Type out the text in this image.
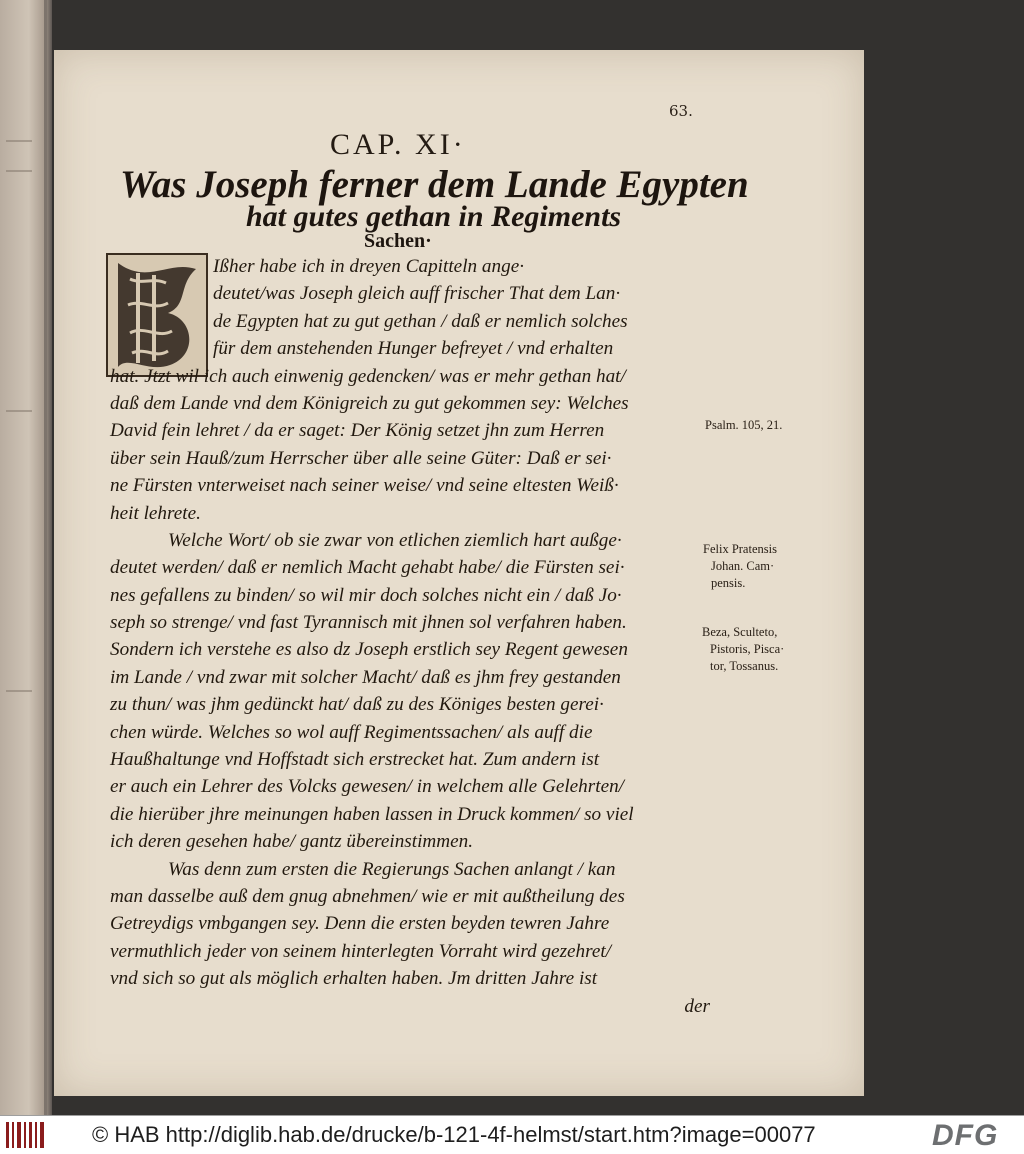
63.
CAP. XI·
Was Joseph ferner dem Lande Egypten
hat gutes gethan in Regiments
Sachen·
Ißher habe ich in dreyen Capitteln ange·
deutet/was Joseph gleich auff frischer That dem Lan·
de Egypten hat zu gut gethan / daß er nemlich solches
für dem anstehenden Hunger befreyet / vnd erhalten
hat. Jtzt wil ich auch einwenig gedencken/ was er mehr gethan hat/
daß dem Lande vnd dem Königreich zu gut gekommen sey: Welches
David fein lehret / da er saget: Der König setzet jhn zum Herren
über sein Hauß/zum Herrscher über alle seine Güter: Daß er sei·
ne Fürsten vnterweiset nach seiner weise/ vnd seine eltesten Weiß·
heit lehrete.
Welche Wort/ ob sie zwar von etlichen ziemlich hart außge·
deutet werden/ daß er nemlich Macht gehabt habe/ die Fürsten sei·
nes gefallens zu binden/ so wil mir doch solches nicht ein / daß Jo·
seph so strenge/ vnd fast Tyrannisch mit jhnen sol verfahren haben.
Sondern ich verstehe es also dz Joseph erstlich sey Regent gewesen
im Lande / vnd zwar mit solcher Macht/ daß es jhm frey gestanden
zu thun/ was jhm gedünckt hat/ daß zu des Königes besten gerei·
chen würde. Welches so wol auff Regimentssachen/ als auff die
Haußhaltunge vnd Hoffstadt sich erstrecket hat. Zum andern ist
er auch ein Lehrer des Volcks gewesen/ in welchem alle Gelehrten/
die hierüber jhre meinungen haben lassen in Druck kommen/ so viel
ich deren gesehen habe/ gantz übereinstimmen.
Was denn zum ersten die Regierungs Sachen anlangt / kan
man dasselbe auß dem gnug abnehmen/ wie er mit außtheilung des
Getreydigs vmbgangen sey. Denn die ersten beyden tewren Jahre
vermuthlich jeder von seinem hinterlegten Vorraht wird gezehret/
vnd sich so gut als möglich erhalten haben. Jm dritten Jahre ist
der
Psalm. 105, 21.
Felix Pratensis
Johan. Cam·
pensis.
Beza, Sculteto,
Pistoris, Pisca·
tor, Tossanus.
© HAB http://diglib.hab.de/drucke/b-121-4f-helmst/start.htm?image=00077	DFG
